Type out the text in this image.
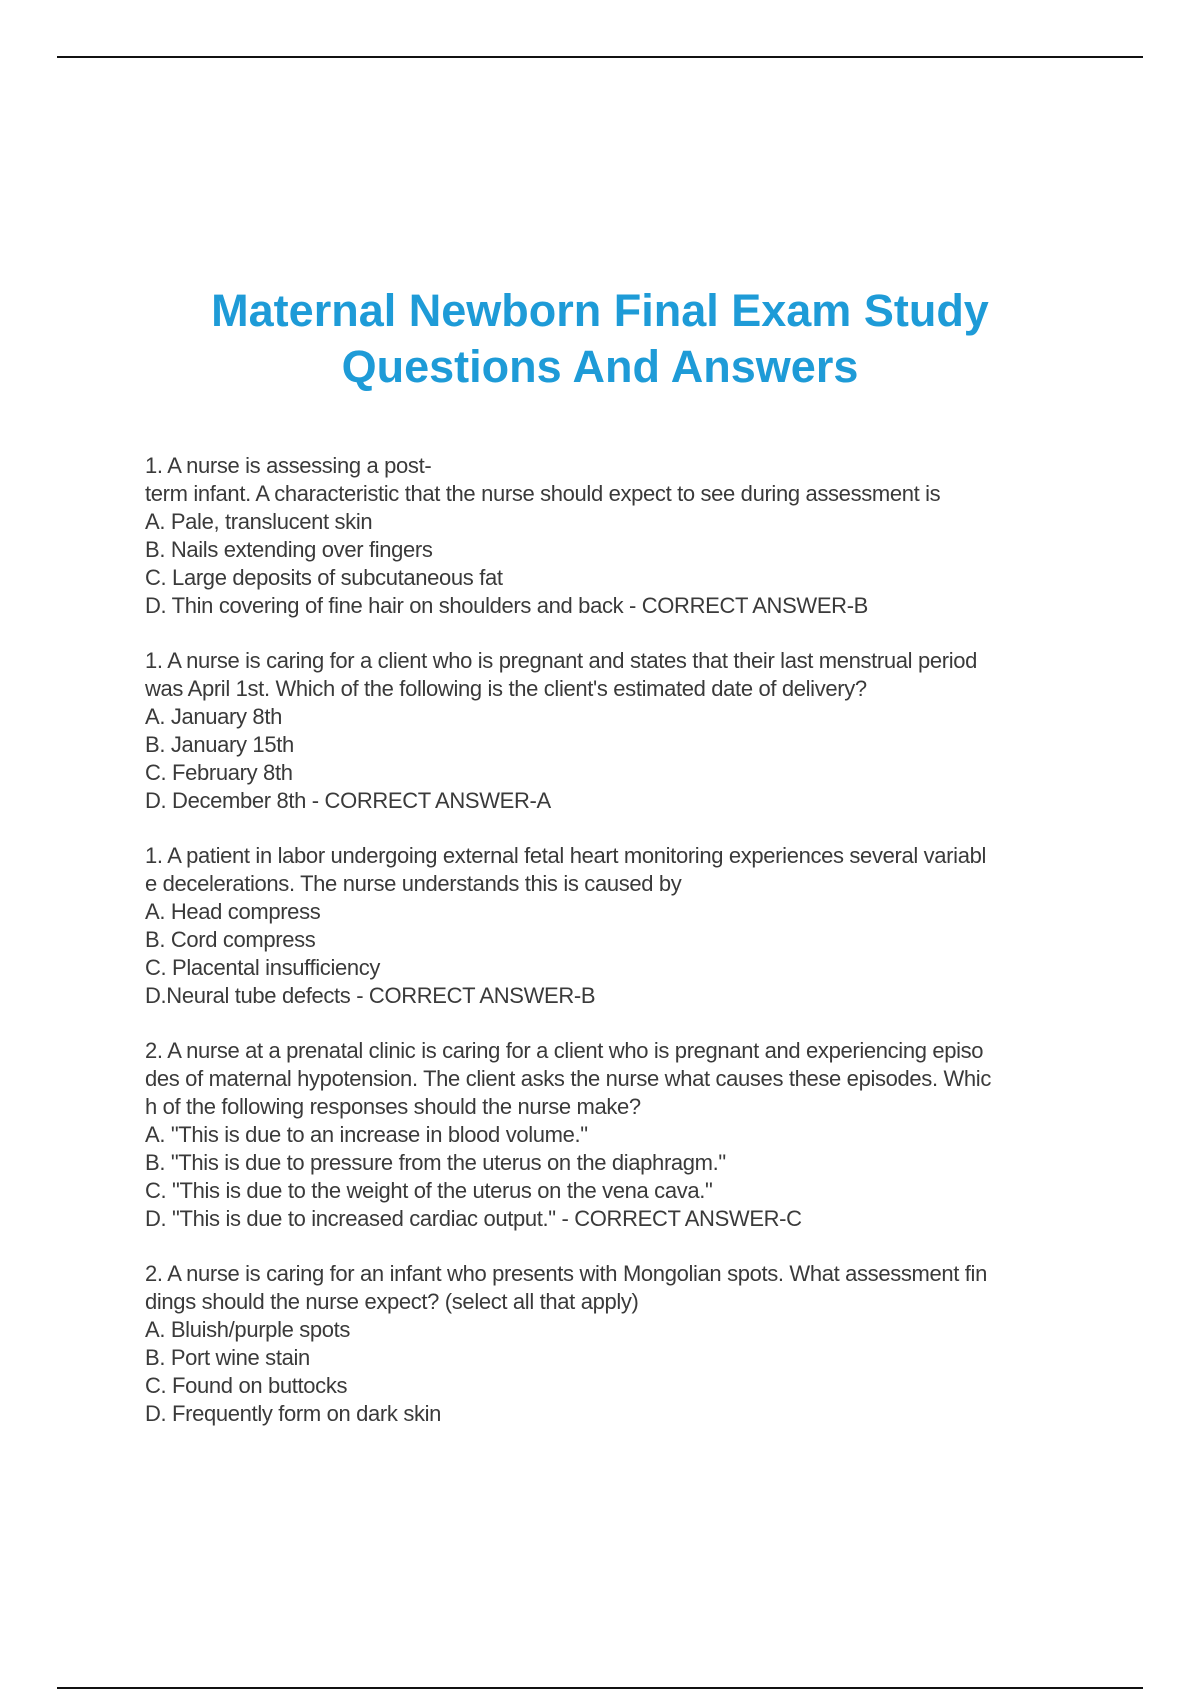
Maternal Newborn Final Exam Study
Questions And Answers
1. A nurse is assessing a post-
term infant. A characteristic that the nurse should expect to see during assessment is
A. Pale, translucent skin
B. Nails extending over fingers
C. Large deposits of subcutaneous fat
D. Thin covering of fine hair on shoulders and back - CORRECT ANSWER-B
1. A nurse is caring for a client who is pregnant and states that their last menstrual period
was April 1st. Which of the following is the client's estimated date of delivery?
A. January 8th
B. January 15th
C. February 8th
D. December 8th - CORRECT ANSWER-A
1. A patient in labor undergoing external fetal heart monitoring experiences several variabl
e decelerations. The nurse understands this is caused by
A. Head compress
B. Cord compress
C. Placental insufficiency
D.Neural tube defects - CORRECT ANSWER-B
2. A nurse at a prenatal clinic is caring for a client who is pregnant and experiencing episo
des of maternal hypotension. The client asks the nurse what causes these episodes. Whic
h of the following responses should the nurse make?
A. "This is due to an increase in blood volume."
B. "This is due to pressure from the uterus on the diaphragm."
C. "This is due to the weight of the uterus on the vena cava."
D. "This is due to increased cardiac output." - CORRECT ANSWER-C
2. A nurse is caring for an infant who presents with Mongolian spots. What assessment fin
dings should the nurse expect? (select all that apply)
A. Bluish/purple spots
B. Port wine stain
C. Found on buttocks
D. Frequently form on dark skin
